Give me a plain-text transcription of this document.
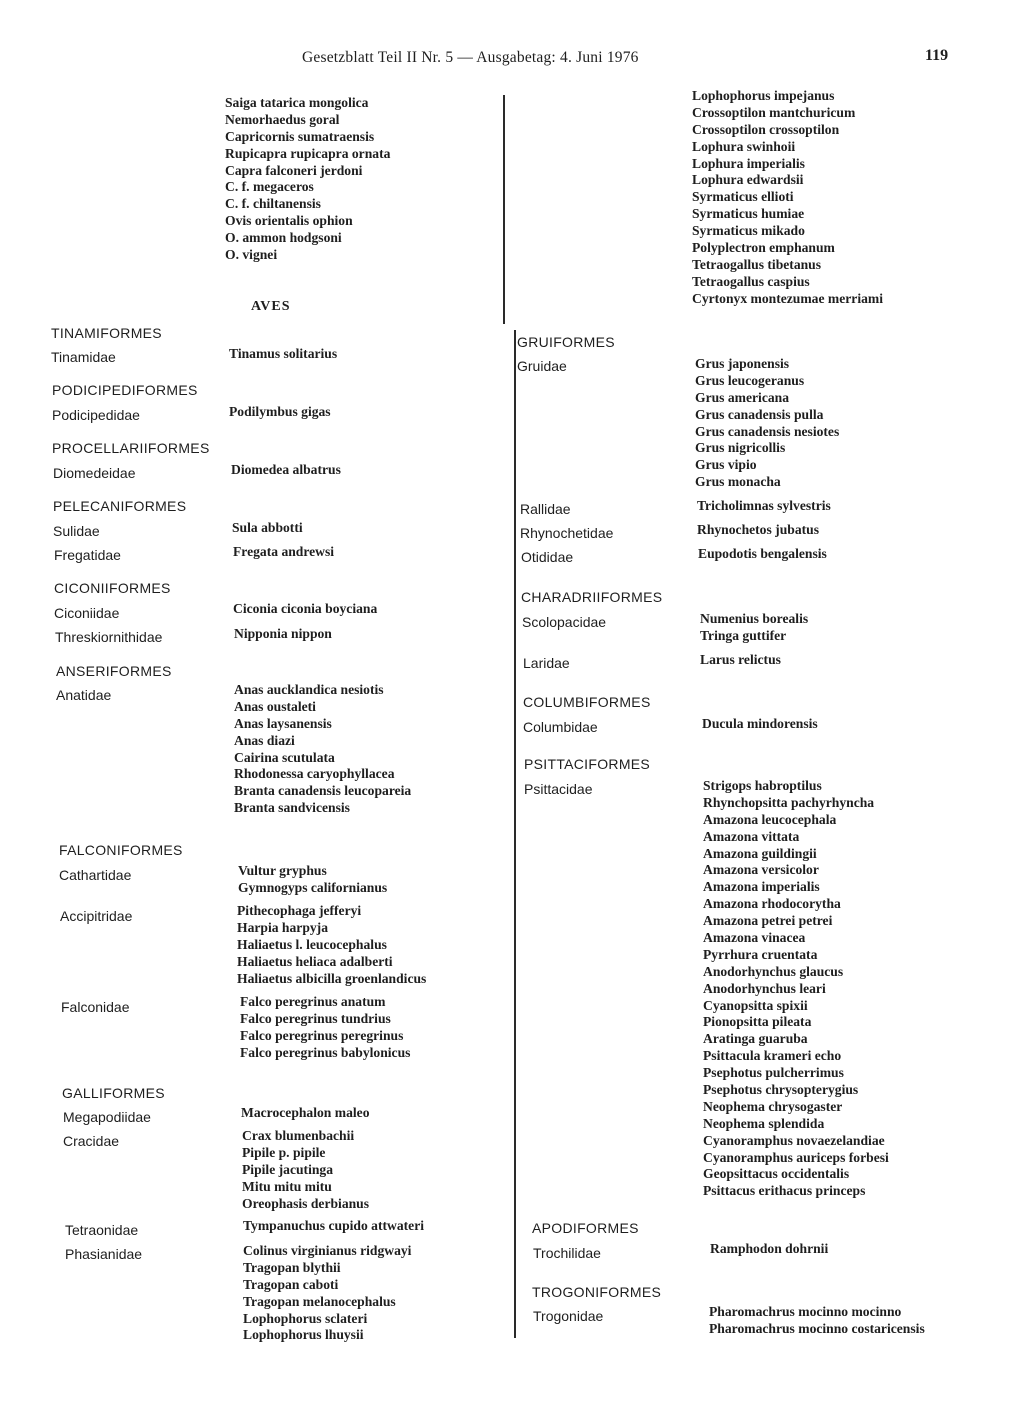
Gesetzblatt Teil II Nr. 5 — Ausgabetag: 4. Juni 1976	119
AVES
Saiga tatarica mongolica
Nemorhaedus goral
Capricornis sumatraensis
Rupicapra rupicapra ornata
Capra falconeri jerdoni
C. f. megaceros
C. f. chiltanensis
Ovis orientalis ophion
O. ammon hodgsoni
O. vignei
TINAMIFORMES
Tinamidae	Tinamus solitarius
PODICIPEDIFORMES
Podicipedidae	Podilymbus gigas
PROCELLARIIFORMES
Diomedeidae	Diomedea albatrus
PELECANIFORMES
Sulidae	Sula abbotti
Fregatidae	Fregata andrewsi
CICONIIFORMES
Ciconiidae	Ciconia ciconia boyciana
Threskiornithidae	Nipponia nippon
ANSERIFORMES
Anatidae	Anas aucklandica nesiotis
Anas oustaleti
Anas laysanensis
Anas diazi
Cairina scutulata
Rhodonessa caryophyllacea
Branta canadensis leucopareia
Branta sandvicensis
FALCONIFORMES
Cathartidae	Vultur gryphus
Gymnogyps californianus
Accipitridae	Pithecophaga jefferyi
Harpia harpyja
Haliaetus l. leucocephalus
Haliaetus heliaca adalberti
Haliaetus albicilla groenlandicus
Falconidae	Falco peregrinus anatum
Falco peregrinus tundrius
Falco peregrinus peregrinus
Falco peregrinus babylonicus
GALLIFORMES
Megapodiidae	Macrocephalon maleo
Cracidae	Crax blumenbachii
Pipile p. pipile
Pipile jacutinga
Mitu mitu mitu
Oreophasis derbianus
Tetraonidae	Tympanuchus cupido attwateri
Phasianidae	Colinus virginianus ridgwayi
Tragopan blythii
Tragopan caboti
Tragopan melanocephalus
Lophophorus sclateri
Lophophorus lhuysii
Lophophorus impejanus
Crossoptilon mantchuricum
Crossoptilon crossoptilon
Lophura swinhoii
Lophura imperialis
Lophura edwardsii
Syrmaticus ellioti
Syrmaticus humiae
Syrmaticus mikado
Polyplectron emphanum
Tetraogallus tibetanus
Tetraogallus caspius
Cyrtonyx montezumae merriami
GRUIFORMES
Gruidae	Grus japonensis
Grus leucogeranus
Grus americana
Grus canadensis pulla
Grus canadensis nesiotes
Grus nigricollis
Grus vipio
Grus monacha
Rallidae	Tricholimnas sylvestris
Rhynochetidae	Rhynochetos jubatus
Otididae	Eupodotis bengalensis
CHARADRIIFORMES
Scolopacidae	Numenius borealis
Tringa guttifer
Laridae	Larus relictus
COLUMBIFORMES
Columbidae	Ducula mindorensis
PSITTACIFORMES
Psittacidae	Strigops habroptilus
Rhynchopsitta pachyrhyncha
Amazona leucocephala
Amazona vittata
Amazona guildingii
Amazona versicolor
Amazona imperialis
Amazona rhodocorytha
Amazona petrei petrei
Amazona vinacea
Pyrrhura cruentata
Anodorhynchus glaucus
Anodorhynchus leari
Cyanopsitta spixii
Pionopsitta pileata
Aratinga guaruba
Psittacula krameri echo
Psephotus pulcherrimus
Psephotus chrysopterygius
Neophema chrysogaster
Neophema splendida
Cyanoramphus novaezelandiae
Cyanoramphus auriceps forbesi
Geopsittacus occidentalis
Psittacus erithacus princeps
APODIFORMES
Trochilidae	Ramphodon dohrnii
TROGONIFORMES
Trogonidae	Pharomachrus mocinno mocinno
Pharomachrus mocinno costaricensis
